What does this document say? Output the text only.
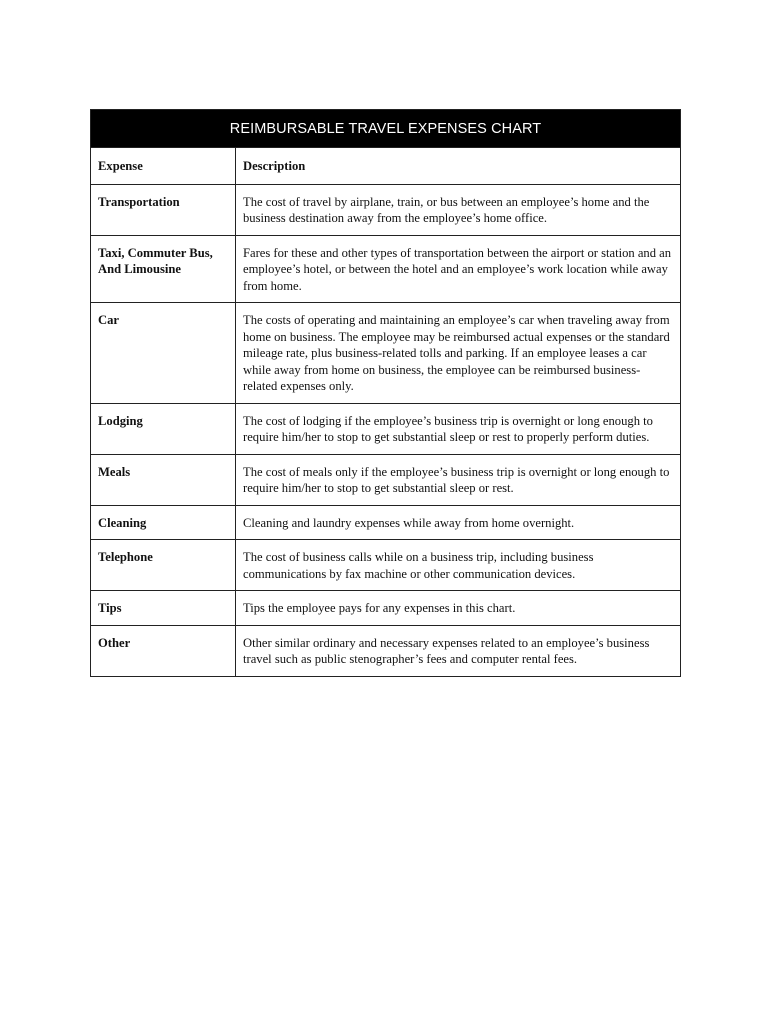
REIMBURSABLE TRAVEL EXPENSES CHART	
Expense	Description
Transportation	The cost of travel by airplane, train, or bus between an employee’s home and the business destination away from the employee’s home office.
Taxi, Commuter Bus, And Limousine	Fares for these and other types of transportation between the airport or station and an employee’s hotel, or between the hotel and an employee’s work location while away from home.
Car	The costs of operating and maintaining an employee’s car when traveling away from home on business. The employee may be reimbursed actual expenses or the standard mileage rate, plus business-related tolls and parking. If an employee leases a car while away from home on business, the employee can be reimbursed business-related expenses only.
Lodging	The cost of lodging if the employee’s business trip is overnight or long enough to require him/her to stop to get substantial sleep or rest to properly perform duties.
Meals	The cost of meals only if the employee’s business trip is overnight or long enough to require him/her to stop to get substantial sleep or rest.
Cleaning	Cleaning and laundry expenses while away from home overnight.
Telephone	The cost of business calls while on a business trip, including business communications by fax machine or other communication devices.
Tips	Tips the employee pays for any expenses in this chart.
Other	Other similar ordinary and necessary expenses related to an employee’s business travel such as public stenographer’s fees and computer rental fees.
